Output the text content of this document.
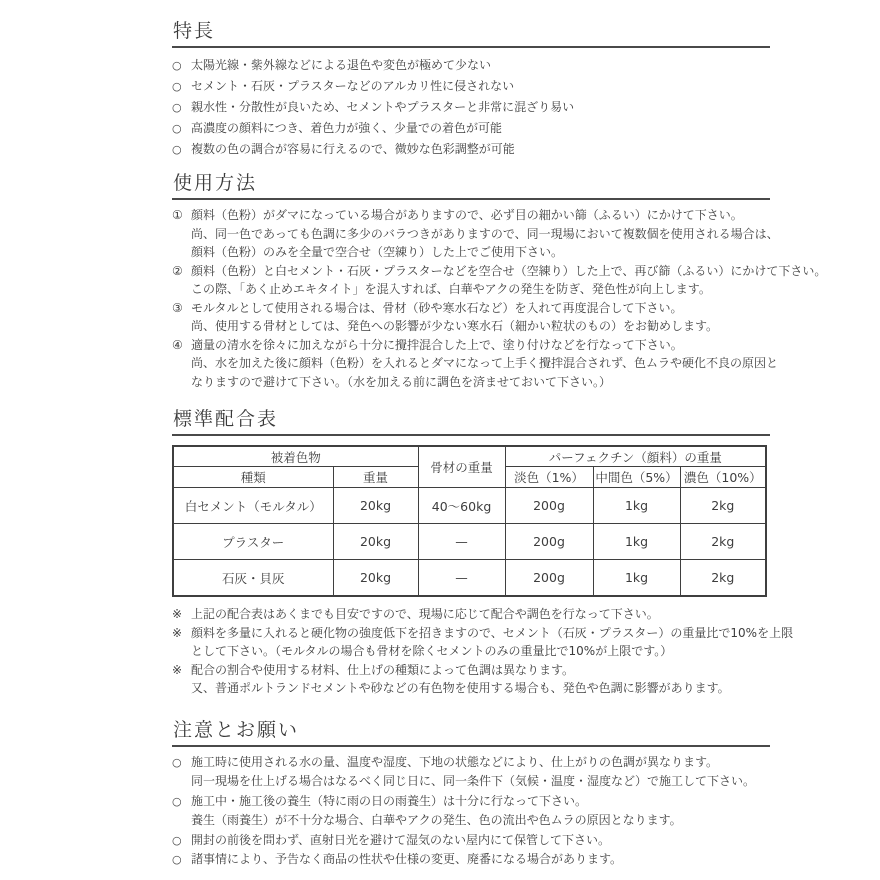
特長
○ 太陽光線・紫外線などによる退色や変色が極めて少ない
○ セメント・石灰・プラスターなどのアルカリ性に侵されない
○ 親水性・分散性が良いため、セメントやプラスターと非常に混ざり易い
○ 高濃度の顔料につき、着色力が強く、少量での着色が可能
○ 複数の色の調合が容易に行えるので、微妙な色彩調整が可能
使用方法
① 顔料（色粉）がダマになっている場合がありますので、必ず目の細かい篩（ふるい）にかけて下さい。
尚、同一色であっても色調に多少のバラつきがありますので、同一現場において複数個を使用される場合は、
顔料（色粉）のみを全量で空合せ（空練り）した上でご使用下さい。
② 顔料（色粉）と白セメント・石灰・プラスターなどを空合せ（空練り）した上で、再び篩（ふるい）にかけて下さい。
この際、「あく止めエキタイト」を混入すれば、白華やアクの発生を防ぎ、発色性が向上します。
③ モルタルとして使用される場合は、骨材（砂や寒水石など）を入れて再度混合して下さい。
尚、使用する骨材としては、発色への影響が少ない寒水石（細かい粒状のもの）をお勧めします。
④ 適量の清水を徐々に加えながら十分に攪拌混合した上で、塗り付けなどを行なって下さい。
尚、水を加えた後に顔料（色粉）を入れるとダマになって上手く攪拌混合されず、色ムラや硬化不良の原因と
なりますので避けて下さい。（水を加える前に調色を済ませておいて下さい。）
標準配合表
被着色物		骨材の重量	パーフェクチン（顔料）の重量		
種類	重量		淡色（1%）	中間色（5%）	濃色（10%）
白セメント（モルタル）	20kg	40～60kg	200g	1kg	2kg
プラスター	20kg	—	200g	1kg	2kg
石灰・貝灰	20kg	—	200g	1kg	2kg
※ 上記の配合表はあくまでも目安ですので、現場に応じて配合や調色を行なって下さい。
※ 顔料を多量に入れると硬化物の強度低下を招きますので、セメント（石灰・プラスター）の重量比で10%を上限
として下さい。（モルタルの場合も骨材を除くセメントのみの重量比で10%が上限です。）
※ 配合の割合や使用する材料、仕上げの種類によって色調は異なります。
又、普通ポルトランドセメントや砂などの有色物を使用する場合も、発色や色調に影響があります。
注意とお願い
○ 施工時に使用される水の量、温度や湿度、下地の状態などにより、仕上がりの色調が異なります。
同一現場を仕上げる場合はなるべく同じ日に、同一条件下（気候・温度・湿度など）で施工して下さい。
○ 施工中・施工後の養生（特に雨の日の雨養生）は十分に行なって下さい。
養生（雨養生）が不十分な場合、白華やアクの発生、色の流出や色ムラの原因となります。
○ 開封の前後を問わず、直射日光を避けて湿気のない屋内にて保管して下さい。
○ 諸事情により、予告なく商品の性状や仕様の変更、廃番になる場合があります。
